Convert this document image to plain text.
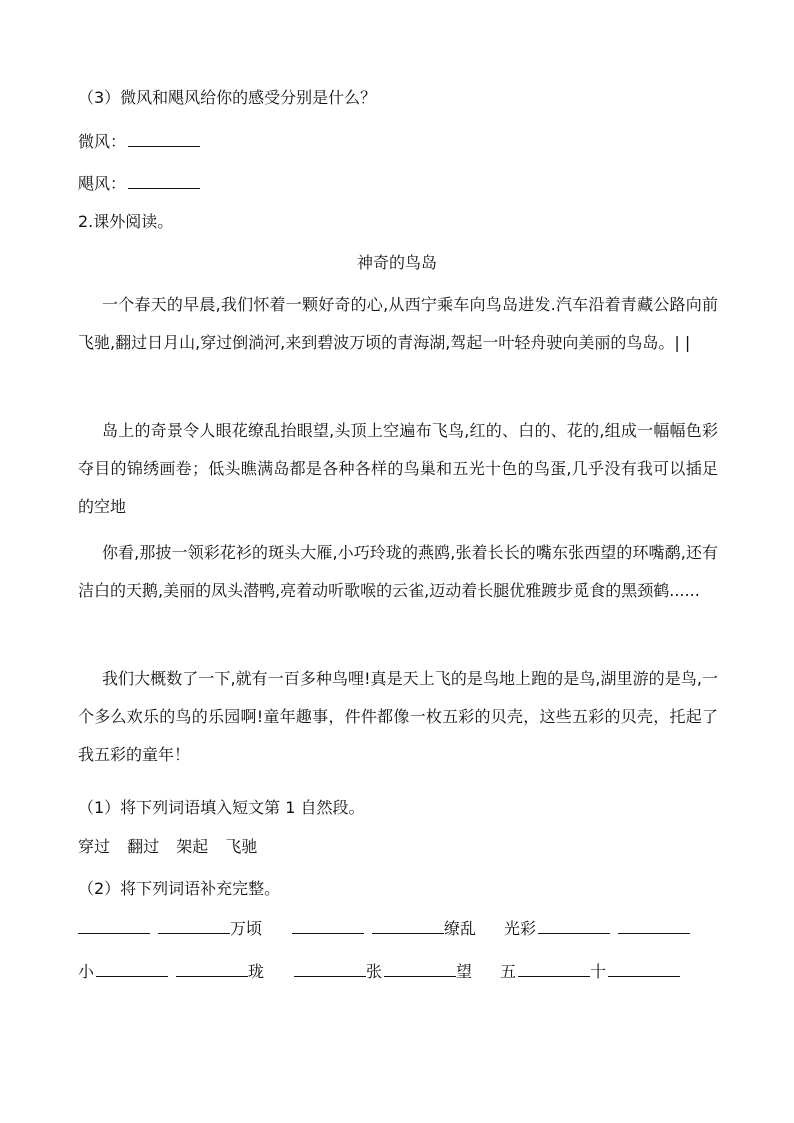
（3）微风和飓风给你的感受分别是什么？

微风：
飓风：

2.课外阅读。

神奇的鸟岛

一个春天的早晨,我们怀着一颗好奇的心,从西宁乘车向鸟岛进发.汽车沿着青藏公路向前飞驰,翻过日月山,穿过倒淌河,来到碧波万顷的青海湖,驾起一叶轻舟驶向美丽的鸟岛。| |

岛上的奇景令人眼花缭乱抬眼望,头顶上空遍布飞鸟,红的、白的、花的,组成一幅幅色彩夺目的锦绣画卷；低头瞧满岛都是各种各样的鸟巢和五光十色的鸟蛋,几乎没有我可以插足的空地

你看,那披一领彩花衫的斑头大雁,小巧玲珑的燕鸥,张着长长的嘴东张西望的环嘴鹬,还有洁白的天鹅,美丽的凤头潜鸭,亮着动听歌喉的云雀,迈动着长腿优雅踱步觅食的黑颈鹤......

我们大概数了一下,就有一百多种鸟哩!真是天上飞的是鸟地上跑的是鸟,湖里游的是鸟,一个多么欢乐的鸟的乐园啊!童年趣事，件件都像一枚五彩的贝壳，这些五彩的贝壳，托起了我五彩的童年！

（1）将下列词语填入短文第 1 自然段。

穿过 翻过 架起 飞驰

（2）将下列词语补充完整。

万顷	缭乱 光彩
小	珑	张	望 五	十
